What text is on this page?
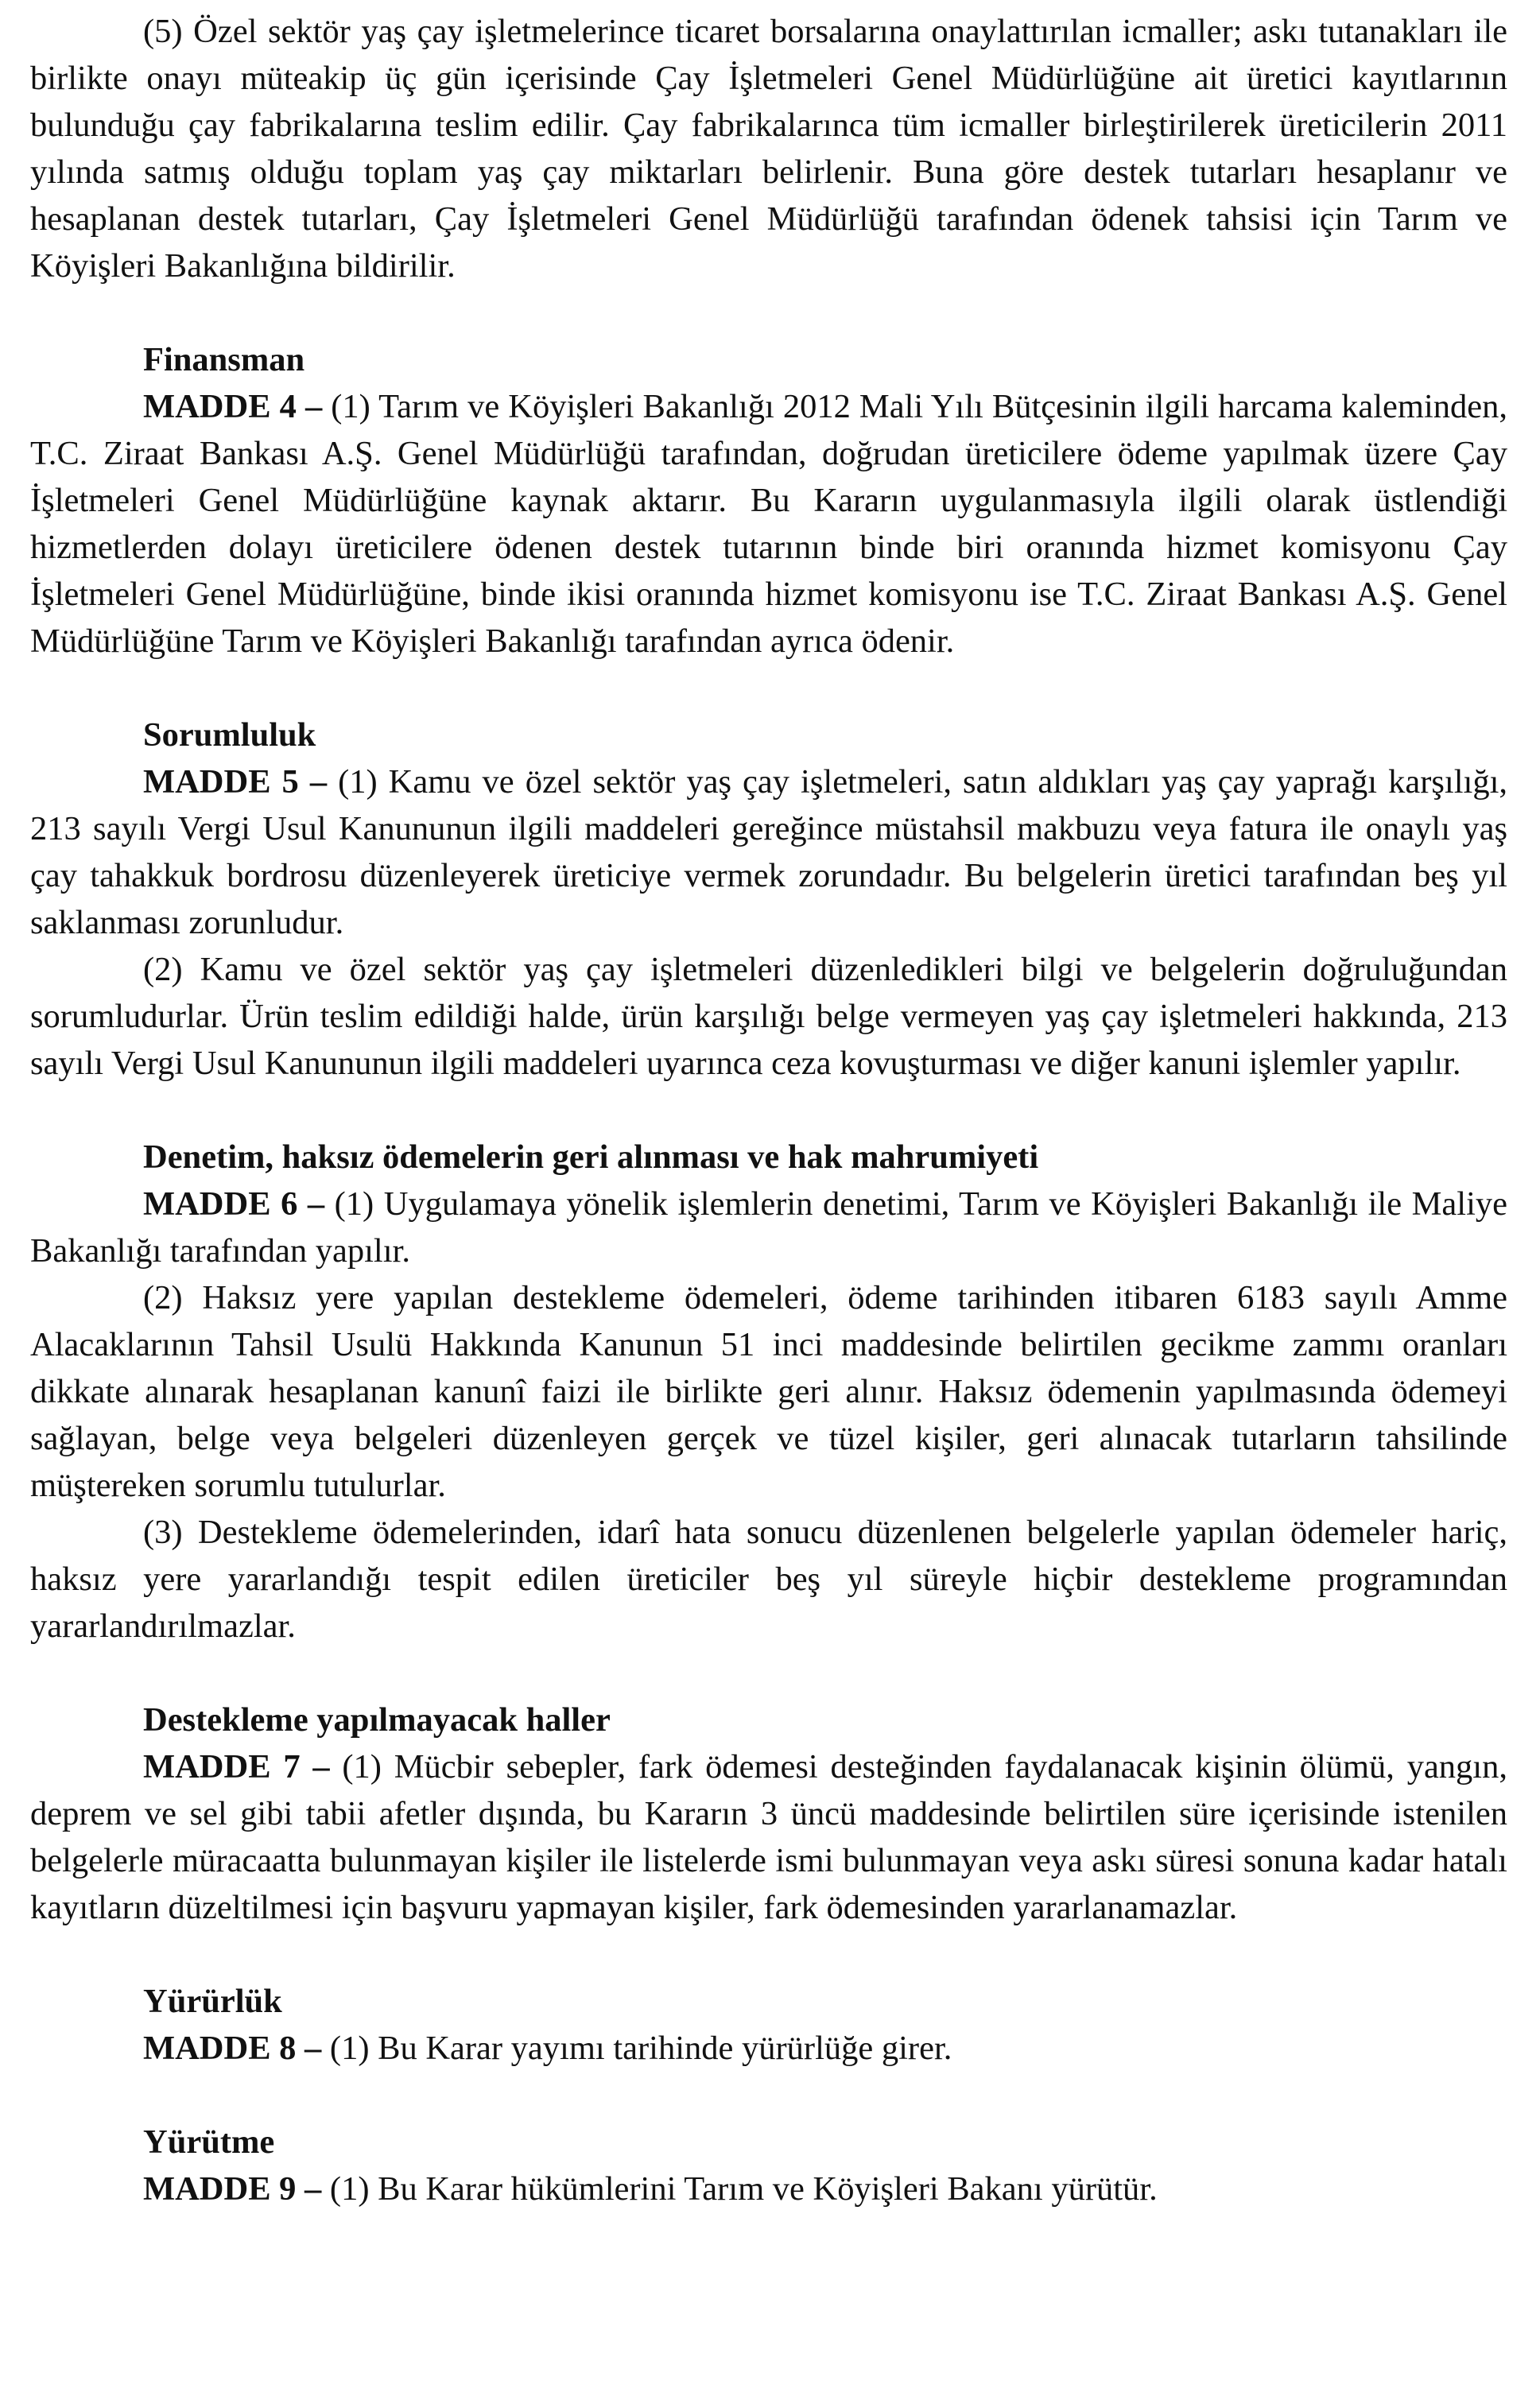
(5) Özel sektör yaş çay işletmelerince ticaret borsalarına onaylattırılan icmaller; askı tutanakları ile birlikte onayı müteakip üç gün içerisinde Çay İşletmeleri Genel Müdürlüğüne ait üretici kayıtlarının bulunduğu çay fabrikalarına teslim edilir. Çay fabrikalarınca tüm icmaller birleştirilerek üreticilerin 2011 yılında satmış olduğu toplam yaş çay miktarları belirlenir. Buna göre destek tutarları hesaplanır ve hesaplanan destek tutarları, Çay İşletmeleri Genel Müdürlüğü tarafından ödenek tahsisi için Tarım ve Köyişleri Bakanlığına bildirilir.

Finansman

MADDE 4 – (1) Tarım ve Köyişleri Bakanlığı 2012 Mali Yılı Bütçesinin ilgili harcama kaleminden, T.C. Ziraat Bankası A.Ş. Genel Müdürlüğü tarafından, doğrudan üreticilere ödeme yapılmak üzere Çay İşletmeleri Genel Müdürlüğüne kaynak aktarır. Bu Kararın uygulanmasıyla ilgili olarak üstlendiği hizmetlerden dolayı üreticilere ödenen destek tutarının binde biri oranında hizmet komisyonu Çay İşletmeleri Genel Müdürlüğüne, binde ikisi oranında hizmet komisyonu ise T.C. Ziraat Bankası A.Ş. Genel Müdürlüğüne Tarım ve Köyişleri Bakanlığı tarafından ayrıca ödenir.

Sorumluluk

MADDE 5 – (1) Kamu ve özel sektör yaş çay işletmeleri, satın aldıkları yaş çay yaprağı karşılığı, 213 sayılı Vergi Usul Kanununun ilgili maddeleri gereğince müstahsil makbuzu veya fatura ile onaylı yaş çay tahakkuk bordrosu düzenleyerek üreticiye vermek zorundadır. Bu belgelerin üretici tarafından beş yıl saklanması zorunludur.

(2) Kamu ve özel sektör yaş çay işletmeleri düzenledikleri bilgi ve belgelerin doğruluğundan sorumludurlar. Ürün teslim edildiği halde, ürün karşılığı belge vermeyen yaş çay işletmeleri hakkında, 213 sayılı Vergi Usul Kanununun ilgili maddeleri uyarınca ceza kovuşturması ve diğer kanuni işlemler yapılır.

Denetim, haksız ödemelerin geri alınması ve hak mahrumiyeti

MADDE 6 – (1) Uygulamaya yönelik işlemlerin denetimi, Tarım ve Köyişleri Bakanlığı ile Maliye Bakanlığı tarafından yapılır.

(2) Haksız yere yapılan destekleme ödemeleri, ödeme tarihinden itibaren 6183 sayılı Amme Alacaklarının Tahsil Usulü Hakkında Kanunun 51 inci maddesinde belirtilen gecikme zammı oranları dikkate alınarak hesaplanan kanunî faizi ile birlikte geri alınır. Haksız ödemenin yapılmasında ödemeyi sağlayan, belge veya belgeleri düzenleyen gerçek ve tüzel kişiler, geri alınacak tutarların tahsilinde müştereken sorumlu tutulurlar.

(3) Destekleme ödemelerinden, idarî hata sonucu düzenlenen belgelerle yapılan ödemeler hariç, haksız yere yararlandığı tespit edilen üreticiler beş yıl süreyle hiçbir destekleme programından yararlandırılmazlar.

Destekleme yapılmayacak haller

MADDE 7 – (1) Mücbir sebepler, fark ödemesi desteğinden faydalanacak kişinin ölümü, yangın, deprem ve sel gibi tabii afetler dışında, bu Kararın 3 üncü maddesinde belirtilen süre içerisinde istenilen belgelerle müracaatta bulunmayan kişiler ile listelerde ismi bulunmayan veya askı süresi sonuna kadar hatalı kayıtların düzeltilmesi için başvuru yapmayan kişiler, fark ödemesinden yararlanamazlar.

Yürürlük

MADDE 8 – (1) Bu Karar yayımı tarihinde yürürlüğe girer.

Yürütme

MADDE 9 – (1) Bu Karar hükümlerini Tarım ve Köyişleri Bakanı yürütür.
